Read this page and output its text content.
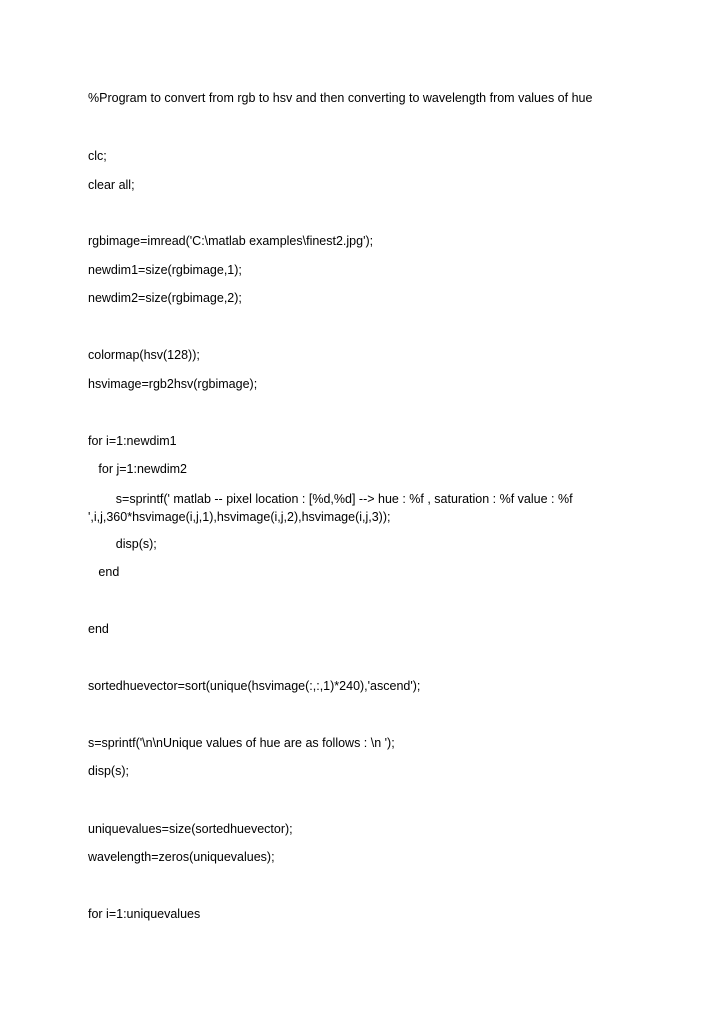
%Program to convert from rgb to hsv and then converting to wavelength from values of hue
clc;
clear all;
rgbimage=imread('C:\matlab examples\finest2.jpg');
newdim1=size(rgbimage,1);
newdim2=size(rgbimage,2);
colormap(hsv(128));
hsvimage=rgb2hsv(rgbimage);
for i=1:newdim1
for j=1:newdim2
s=sprintf(' matlab -- pixel location : [%d,%d] --> hue : %f , saturation : %f value : %f ',i,j,360*hsvimage(i,j,1),hsvimage(i,j,2),hsvimage(i,j,3));
disp(s);
end
end
sortedhuevector=sort(unique(hsvimage(:,:,1)*240),'ascend');
s=sprintf('\n\nUnique values of hue are as follows : \n ');
disp(s);
uniquevalues=size(sortedhuevector);
wavelength=zeros(uniquevalues);
for i=1:uniquevalues
